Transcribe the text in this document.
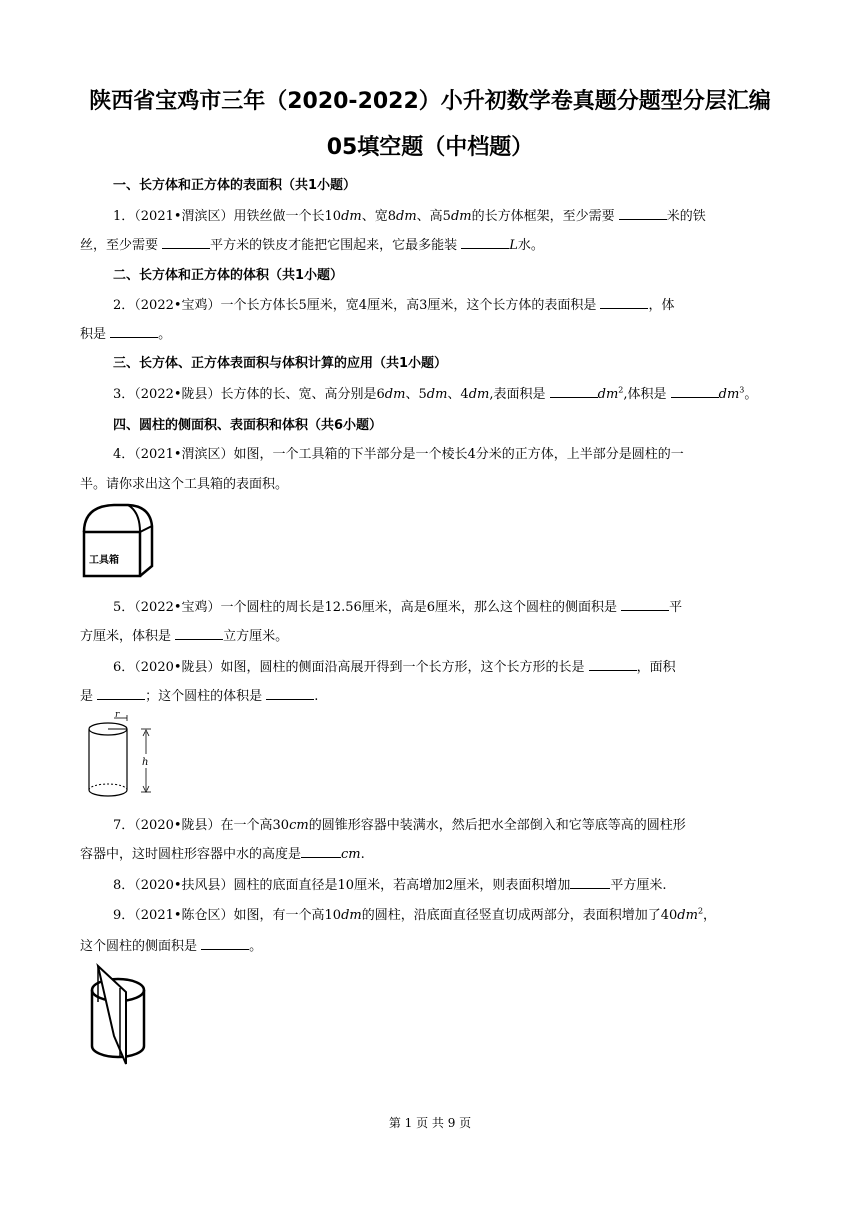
陕西省宝鸡市三年（2020-2022）小升初数学卷真题分题型分层汇编
05填空题（中档题）
一、长方体和正方体的表面积（共1小题）
1．（2021•渭滨区）用铁丝做一个长10dm、宽8dm、高5dm的长方体框架，至少需要	米的铁
丝，至少需要	平方米的铁皮才能把它围起来，它最多能装	L水。
二、长方体和正方体的体积（共1小题）
2．（2022•宝鸡）一个长方体长5厘米，宽4厘米，高3厘米，这个长方体的表面积是	，体
积是	。
三、长方体、正方体表面积与体积计算的应用（共1小题）
3．（2022•陇县）长方体的长、宽、高分别是6dm、5dm、4dm,表面积是	$dm^2$,体积是	$dm^3$。
四、圆柱的侧面积、表面积和体积（共6小题）
4．（2021•渭滨区）如图，一个工具箱的下半部分是一个棱长4分米的正方体，上半部分是圆柱的一
半。请你求出这个工具箱的表面积。
工具箱
5．（2022•宝鸡）一个圆柱的周长是12.56厘米，高是6厘米，那么这个圆柱的侧面积是	平
方厘米，体积是	立方厘米。
6．（2020•陇县）如图，圆柱的侧面沿高展开得到一个长方形，这个长方形的长是	，面积
是	；这个圆柱的体积是	.
r
h
7．（2020•陇县）在一个高30cm的圆锥形容器中装满水，然后把水全部倒入和它等底等高的圆柱形
容器中，这时圆柱形容器中水的高度是	cm.
8．（2020•扶风县）圆柱的底面直径是10厘米，若高增加2厘米，则表面积增加	平方厘米.
9．（2021•陈仓区）如图，有一个高10dm的圆柱，沿底面直径竖直切成两部分，表面积增加了$40dm^2$，
这个圆柱的侧面积是	。
第 1 页 共 9 页
